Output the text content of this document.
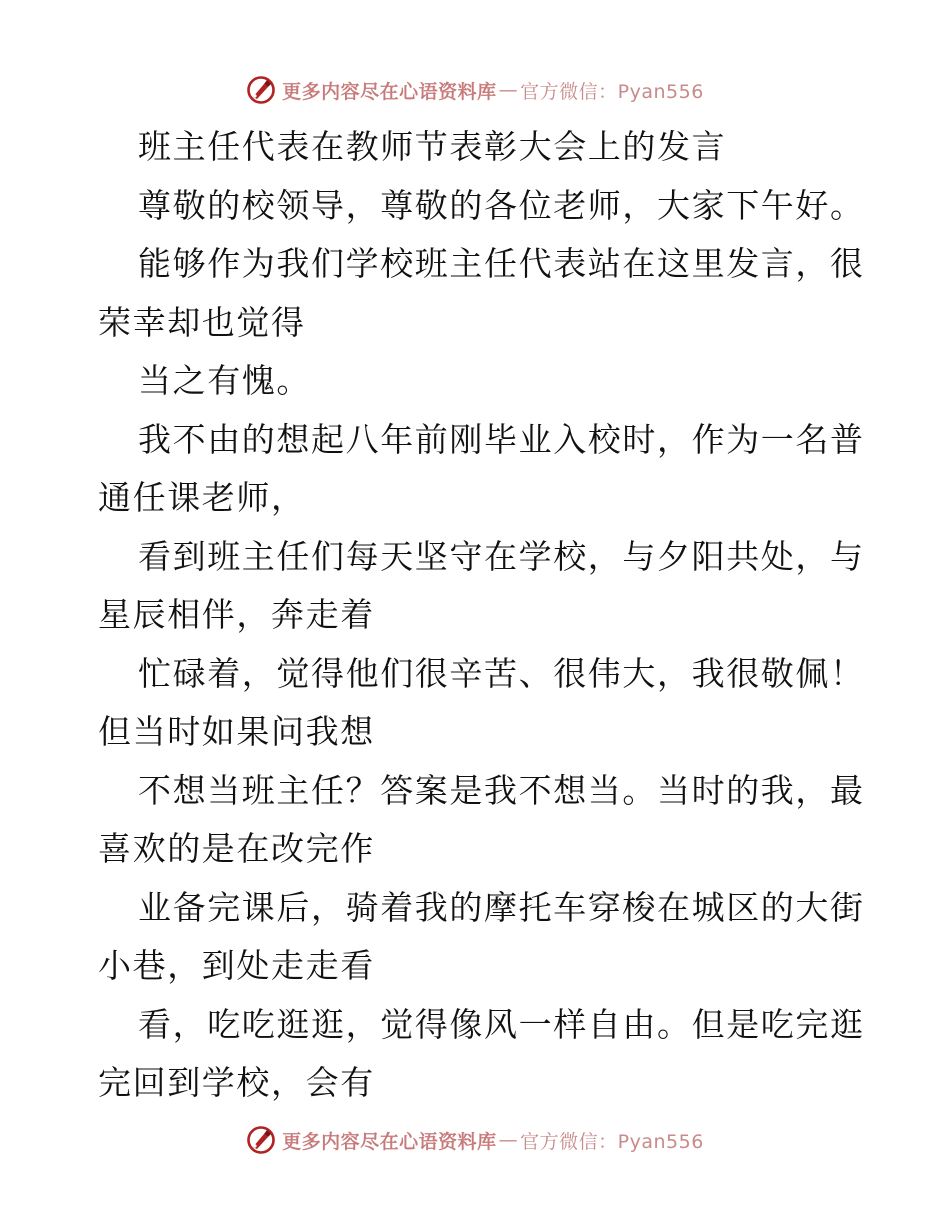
更多内容尽在心语资料库 — 官方微信：Pyan556
班主任代表在教师节表彰大会上的发言
尊敬的校领导，尊敬的各位老师，大家下午好。
能够作为我们学校班主任代表站在这里发言，很
荣幸却也觉得
当之有愧。
我不由的想起八年前刚毕业入校时，作为一名普
通任课老师，
看到班主任们每天坚守在学校，与夕阳共处，与
星辰相伴，奔走着
忙碌着，觉得他们很辛苦、很伟大，我很敬佩！
但当时如果问我想
不想当班主任？答案是我不想当。当时的我，最
喜欢的是在改完作
业备完课后，骑着我的摩托车穿梭在城区的大街
小巷，到处走走看
看，吃吃逛逛，觉得像风一样自由。但是吃完逛
完回到学校，会有
更多内容尽在心语资料库 — 官方微信：Pyan556
